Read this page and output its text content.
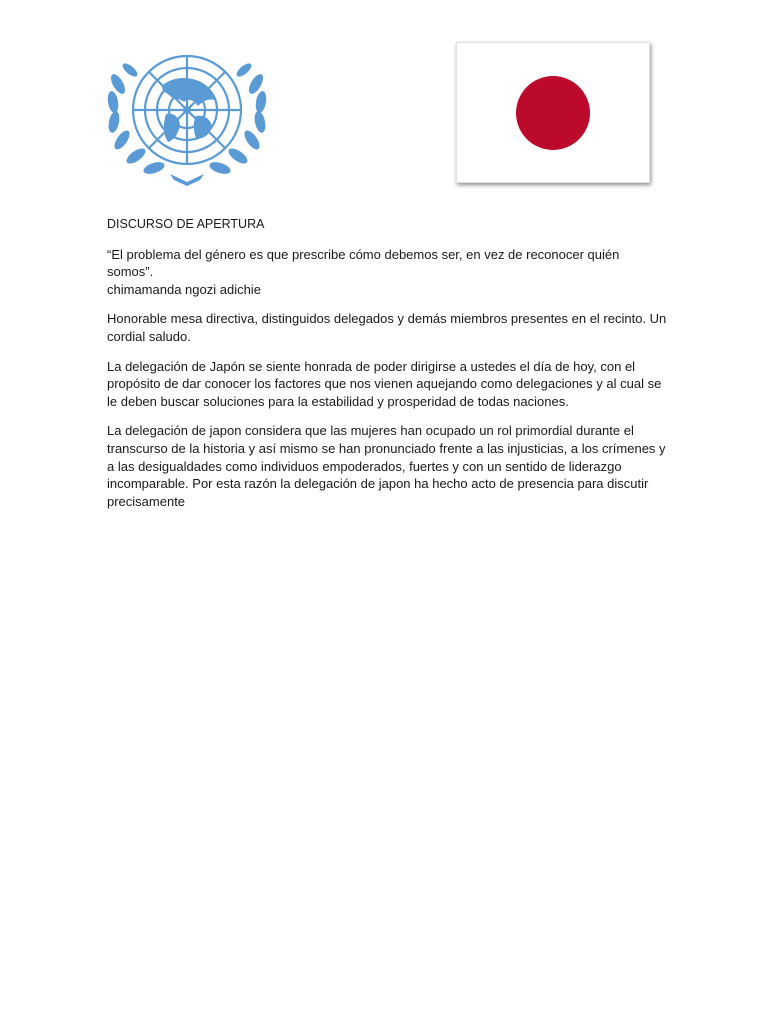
DISCURSO DE APERTURA

“El problema del género es que prescribe cómo debemos ser, en vez de reconocer quién somos”.
chimamanda ngozi adichie

Honorable mesa directiva, distinguidos delegados y demás miembros presentes en el recinto. Un cordial saludo.

La delegación de Japón se siente honrada de poder dirigirse a ustedes el día de hoy, con el propósito de dar conocer los factores que nos vienen aquejando como delegaciones y al cual se le deben buscar soluciones para la estabilidad y prosperidad de todas naciones.

La delegación de japon considera que las mujeres han ocupado un rol primordial durante el transcurso de la historia y así mismo se han pronunciado frente a las injusticias, a los crímenes y a las desigualdades como individuos empoderados, fuertes y con un sentido de liderazgo incomparable. Por esta razón la delegación de japon ha hecho acto de presencia para discutir precisamente
